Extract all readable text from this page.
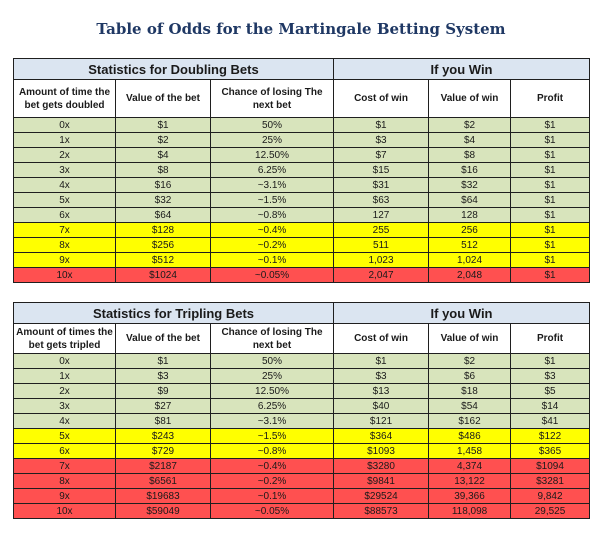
Table of Odds for the Martingale Betting System
Statistics for Doubling Bets			If you Win		
Amount of time the bet gets doubled	Value of the bet	Chance of losing The next bet	Cost of win	Value of win	Profit
0x	$1	50%	$1	$2	$1
1x	$2	25%	$3	$4	$1
2x	$4	12.50%	$7	$8	$1
3x	$8	6.25%	$15	$16	$1
4x	$16	~3.1%	$31	$32	$1
5x	$32	~1.5%	$63	$64	$1
6x	$64	~0.8%	127	128	$1
7x	$128	~0.4%	255	256	$1
8x	$256	~0.2%	511	512	$1
9x	$512	~0.1%	1,023	1,024	$1
10x	$1024	~0.05%	2,047	2,048	$1
Statistics for Tripling Bets			If you Win		
Amount of times the bet gets tripled	Value of the bet	Chance of losing The next bet	Cost of win	Value of win	Profit
0x	$1	50%	$1	$2	$1
1x	$3	25%	$3	$6	$3
2x	$9	12.50%	$13	$18	$5
3x	$27	6.25%	$40	$54	$14
4x	$81	~3.1%	$121	$162	$41
5x	$243	~1.5%	$364	$486	$122
6x	$729	~0.8%	$1093	1,458	$365
7x	$2187	~0.4%	$3280	4,374	$1094
8x	$6561	~0.2%	$9841	13,122	$3281
9x	$19683	~0.1%	$29524	39,366	9,842
10x	$59049	~0.05%	$88573	118,098	29,525
